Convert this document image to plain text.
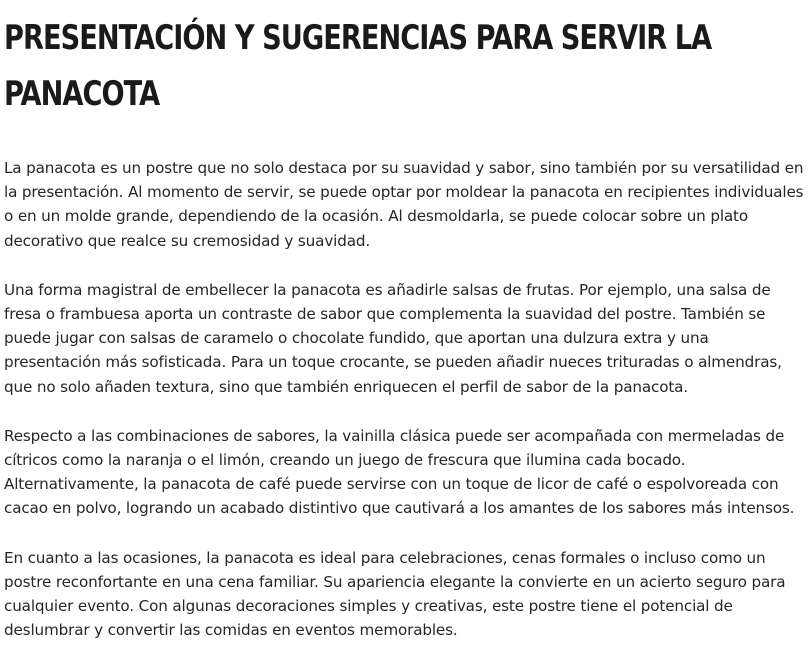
PRESENTACIÓN Y SUGERENCIAS PARA SERVIR LA
PANACOTA

La panacota es un postre que no solo destaca por su suavidad y sabor, sino también por su versatilidad en la presentación. Al momento de servir, se puede optar por moldear la panacota en recipientes individuales o en un molde grande, dependiendo de la ocasión. Al desmoldarla, se puede colocar sobre un plato decorativo que realce su cremosidad y suavidad.

Una forma magistral de embellecer la panacota es añadirle salsas de frutas. Por ejemplo, una salsa de fresa o frambuesa aporta un contraste de sabor que complementa la suavidad del postre. También se puede jugar con salsas de caramelo o chocolate fundido, que aportan una dulzura extra y una presentación más sofisticada. Para un toque crocante, se pueden añadir nueces trituradas o almendras, que no solo añaden textura, sino que también enriquecen el perfil de sabor de la panacota.

Respecto a las combinaciones de sabores, la vainilla clásica puede ser acompañada con mermeladas de cítricos como la naranja o el limón, creando un juego de frescura que ilumina cada bocado. Alternativamente, la panacota de café puede servirse con un toque de licor de café o espolvoreada con cacao en polvo, logrando un acabado distintivo que cautivará a los amantes de los sabores más intensos.

En cuanto a las ocasiones, la panacota es ideal para celebraciones, cenas formales o incluso como un postre reconfortante en una cena familiar. Su apariencia elegante la convierte en un acierto seguro para cualquier evento. Con algunas decoraciones simples y creativas, este postre tiene el potencial de deslumbrar y convertir las comidas en eventos memorables.
